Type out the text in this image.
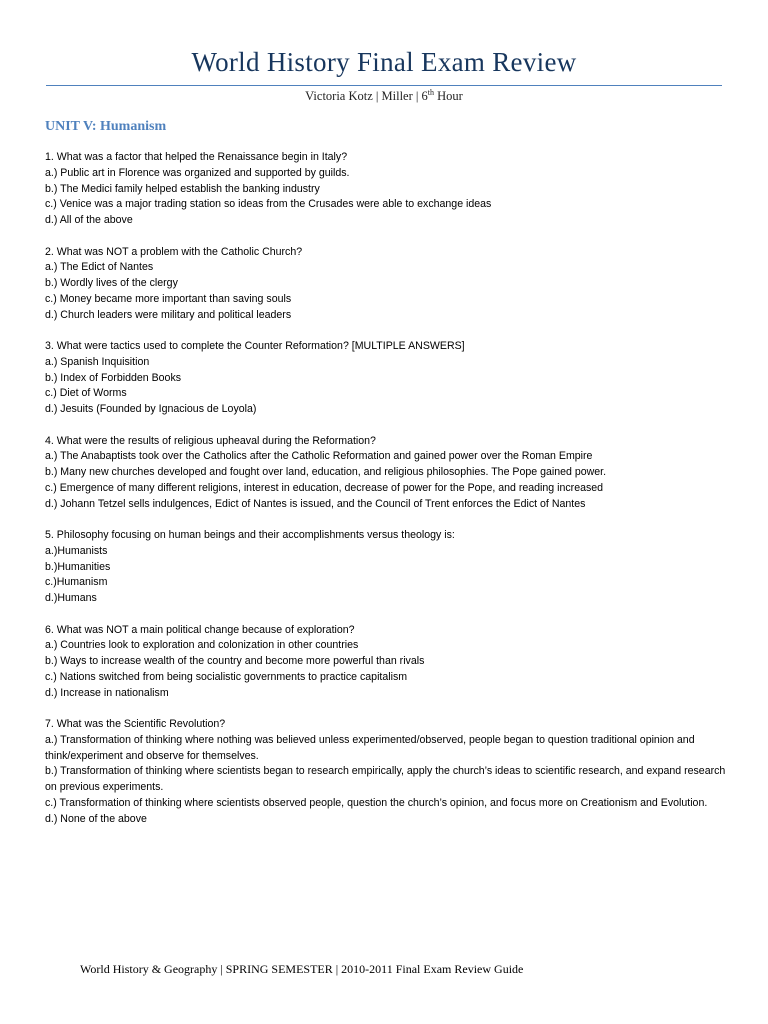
World History Final Exam Review
Victoria Kotz | Miller | 6th Hour
UNIT V: Humanism
1. What was a factor that helped the Renaissance begin in Italy?
a.) Public art in Florence was organized and supported by guilds.
b.) The Medici family helped establish the banking industry
c.) Venice was a major trading station so ideas from the Crusades were able to exchange ideas
d.) All of the above
2. What was NOT a problem with the Catholic Church?
a.) The Edict of Nantes
b.) Wordly lives of the clergy
c.) Money became more important than saving souls
d.) Church leaders were military and political leaders
3. What were tactics used to complete the Counter Reformation? [MULTIPLE ANSWERS]
a.) Spanish Inquisition
b.) Index of Forbidden Books
c.) Diet of Worms
d.) Jesuits (Founded by Ignacious de Loyola)
4. What were the results of religious upheaval during the Reformation?
a.) The Anabaptists took over the Catholics after the Catholic Reformation and gained power over the Roman Empire
b.) Many new churches developed and fought over land, education, and religious philosophies. The Pope gained power.
c.) Emergence of many different religions, interest in education, decrease of power for the Pope, and reading increased
d.) Johann Tetzel sells indulgences, Edict of Nantes is issued, and the Council of Trent enforces the Edict of Nantes
5. Philosophy focusing on human beings and their accomplishments versus theology is:
a.)Humanists
b.)Humanities
c.)Humanism
d.)Humans
6. What was NOT a main political change because of exploration?
a.) Countries look to exploration and colonization in other countries
b.) Ways to increase wealth of the country and become more powerful than rivals
c.) Nations switched from being socialistic governments to practice capitalism
d.) Increase in nationalism
7. What was the Scientific Revolution?
a.) Transformation of thinking where nothing was believed unless experimented/observed, people began to question traditional opinion and think/experiment and observe for themselves.
b.) Transformation of thinking where scientists began to research empirically, apply the church’s ideas to scientific research, and expand research on previous experiments.
c.) Transformation of thinking where scientists observed people, question the church’s opinion, and focus more on Creationism and Evolution.
d.) None of the above
World History & Geography | SPRING SEMESTER | 2010-2011 Final Exam Review Guide
